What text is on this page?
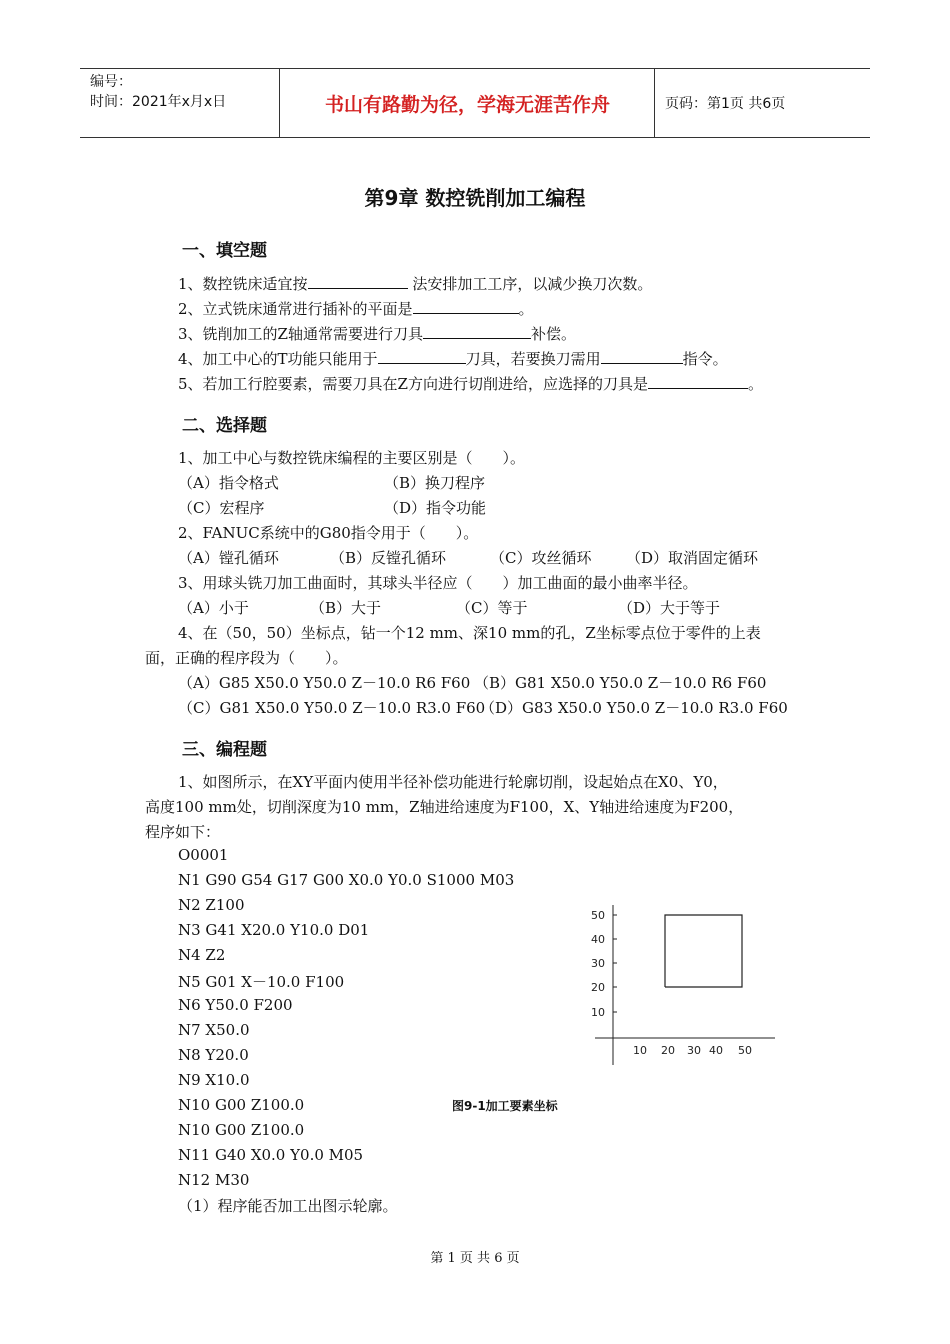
编号：
时间：2021年x月x日	书山有路勤为径，学海无涯苦作舟	页码：第1页 共6页
第9章 数控铣削加工编程
一、填空题
1、数控铣床适宜按	法安排加工工序，以减少换刀次数。
2、立式铣床通常进行插补的平面是	。
3、铣削加工的Z轴通常需要进行刀具	补偿。
4、加工中心的T功能只能用于	刀具，若要换刀需用	指令。
5、若加工行腔要素，需要刀具在Z方向进行切削进给，应选择的刀具是	。
二、选择题
1、加工中心与数控铣床编程的主要区别是（　　）。
（A）指令格式	（B）换刀程序
（C）宏程序	（D）指令功能
2、FANUC系统中的G80指令用于（　　）。
（A）镗孔循环	（B）反镗孔循环	（C）攻丝循环 （D）取消固定循环
3、用球头铣刀加工曲面时，其球头半径应（　　）加工曲面的最小曲率半径。
（A）小于	（B）大于	（C）等于	（D）大于等于
4、在（50，50）坐标点，钻一个12 mm、深10 mm的孔，Z坐标零点位于零件的上表
面，正确的程序段为（　　）。
（A）G85 X50.0 Y50.0 Z－10.0 R6 F60 （B）G81 X50.0 Y50.0 Z－10.0 R6 F60
（C）G81 X50.0 Y50.0 Z－10.0 R3.0 F60
（D）G83 X50.0 Y50.0 Z－10.0 R3.0 F60
三、编程题
1、如图所示，在XY平面内使用半径补偿功能进行轮廓切削，设起始点在X0、Y0，
高度100 mm处，切削深度为10 mm，Z轴进给速度为F100，X、Y轴进给速度为F200，
程序如下：
O0001
N1 G90 G54 G17 G00 X0.0 Y0.0 S1000 M03
N2 Z100
N3 G41 X20.0 Y10.0 D01
N4 Z2
N5 G01 X－10.0 F100
N6 Y50.0 F200
N7 X50.0
N8 Y20.0
N9 X10.0
N10 G00 Z100.0
N10 G00 Z100.0
N11 G40 X0.0 Y0.0 M05
N12 M30
（1）程序能否加工出图示轮廓。
10
20
30
40
50
10 20 30 40 50
图9-1加工要素坐标
第 1 页 共 6 页
